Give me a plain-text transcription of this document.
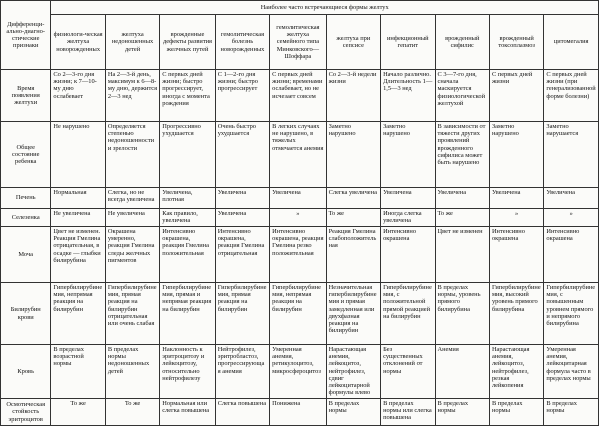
Дифференци-ально-диагно-стические признаки	Наиболее часто встречающиеся формы желтух									
	физиологи-ческая желтуха новорожденных	желтуха недоношенных детей	врожденные дефекты развития желчных путей	гемолитическая болезнь новорожденных	гемолитическая желтуха семейного типа Минковского—Шоффара	желтуха при сепсисе	инфекционный гепатит	врожденный сифилис	врожденный токсоплазмоз	цитомегалия
Время появления желтухи	Со 2—3-го дня жизни; к 7—10-му дню ослабевает	На 2—3-й день, максимум к 6—8-му дню, держится 2—3 нед	С первых дней жизни; быстро прогрессирует, иногда с момента рождения	С 1—2-го дня жизни; быстро прогрессирует	С первых дней жизни; временами ослабевает, но не исчезает совсем	Со 2—3-й недели жизни	Начало различно. Длительность 1—1,5—3 нед	С 3—7-го дня, сначала маскируется физиологической желтухой	С первых дней жизни	С первых дней жизни (при генерализованной форме болезни)
Общее состояние ребенка	Не нарушено	Определяется степенью недоношенности и зрелости	Прогрессивно ухудшается	Очень быстро ухудшается	В легких случаях не нарушено, в тяжелых отмечается анемия	Заметно нарушено	Заметно нарушено	В зависимости от тяжести других проявлений врожденного сифилиса может быть нарушено	Заметно нарушено	Заметно нарушается
Печень	Нормальная	Слегка, но не всегда увеличена	Увеличена, плотная	Увеличена	Увеличена	Слегка увеличена	Увеличена	Увеличена	Увеличена	Увеличена
Селезенка	Не увеличена	Не увеличена	Как правило, увеличена	Увеличена	»	То же	Иногда слегка увеличена	То же	»	»
Моча	Цвет не изменен. Реакция Гмелина отрицательная, в осадке — глыбки билирубина	Окрашена умеренно, реакция Гмелина следы желчных пигментов	Интенсивно окрашена, реакция Гмелина положительная	Интенсивно окрашена, реакция Гмелина отрицательная	Интенсивно окрашена, реакция Гмелина резко положительная	Реакция Гмелина слабоположительная	Интенсивно окрашена	Цвет не изменен	Интенсивно окрашена	Интенсивно окрашена
Билирубин крови	Гипербилирубинемия, непрямая реакция на билирубин	Гипербилирубинемия, прямая реакция на билирубин отрицательная или очень слабая	Гипербилирубинемия, прямая и непрямая реакция на билирубин	Гипербилирубинемия, прямая реакция на билирубин	Гипербилирубинемия, непрямая реакция на билирубин	Незначительная гипербилирубинемия и прямая замедленная или двухфазная реакция на билирубин	Гипербилирубинемия, с положительной прямой реакцией на билирубин	В пределах нормы, уровень прямого билирубина	Гипербилирубинемия, высокий уровень прямого билирубина	Гипербилирубинемия, с повышенным уровнем прямого и непрямого билирубина
Кровь	В пределах возрастной нормы	В пределах нормы недоношенных детей	Наклонность к эритроцитозу и лейкоцитозу, относительно нейтрофилезу	Нейтрофилез, эритробластоз, прогрессирующая анемия	Умеренная анемия, ретикулоцитоз, микросфероцитоз	Нарастающая анемия, лейкоцитоз, нейтрофилез, сдвиг лейкоцитарной формулы влево	Без существенных отклонений от нормы	Анемия	Нарастающая анемия, лейкоцитоз, нейтрофилез, резкая лейкопения	Умеренная анемия, лейкоцитарная формула часто в пределах нормы
Осмотическая стойкость эритроцитов	То же	То же	Нормальная или слегка повышена	Слегка повышена	Понижена	В пределах нормы	В пределах нормы или слегка повышена	В пределах нормы	В пределах нормы	В пределах нормы
